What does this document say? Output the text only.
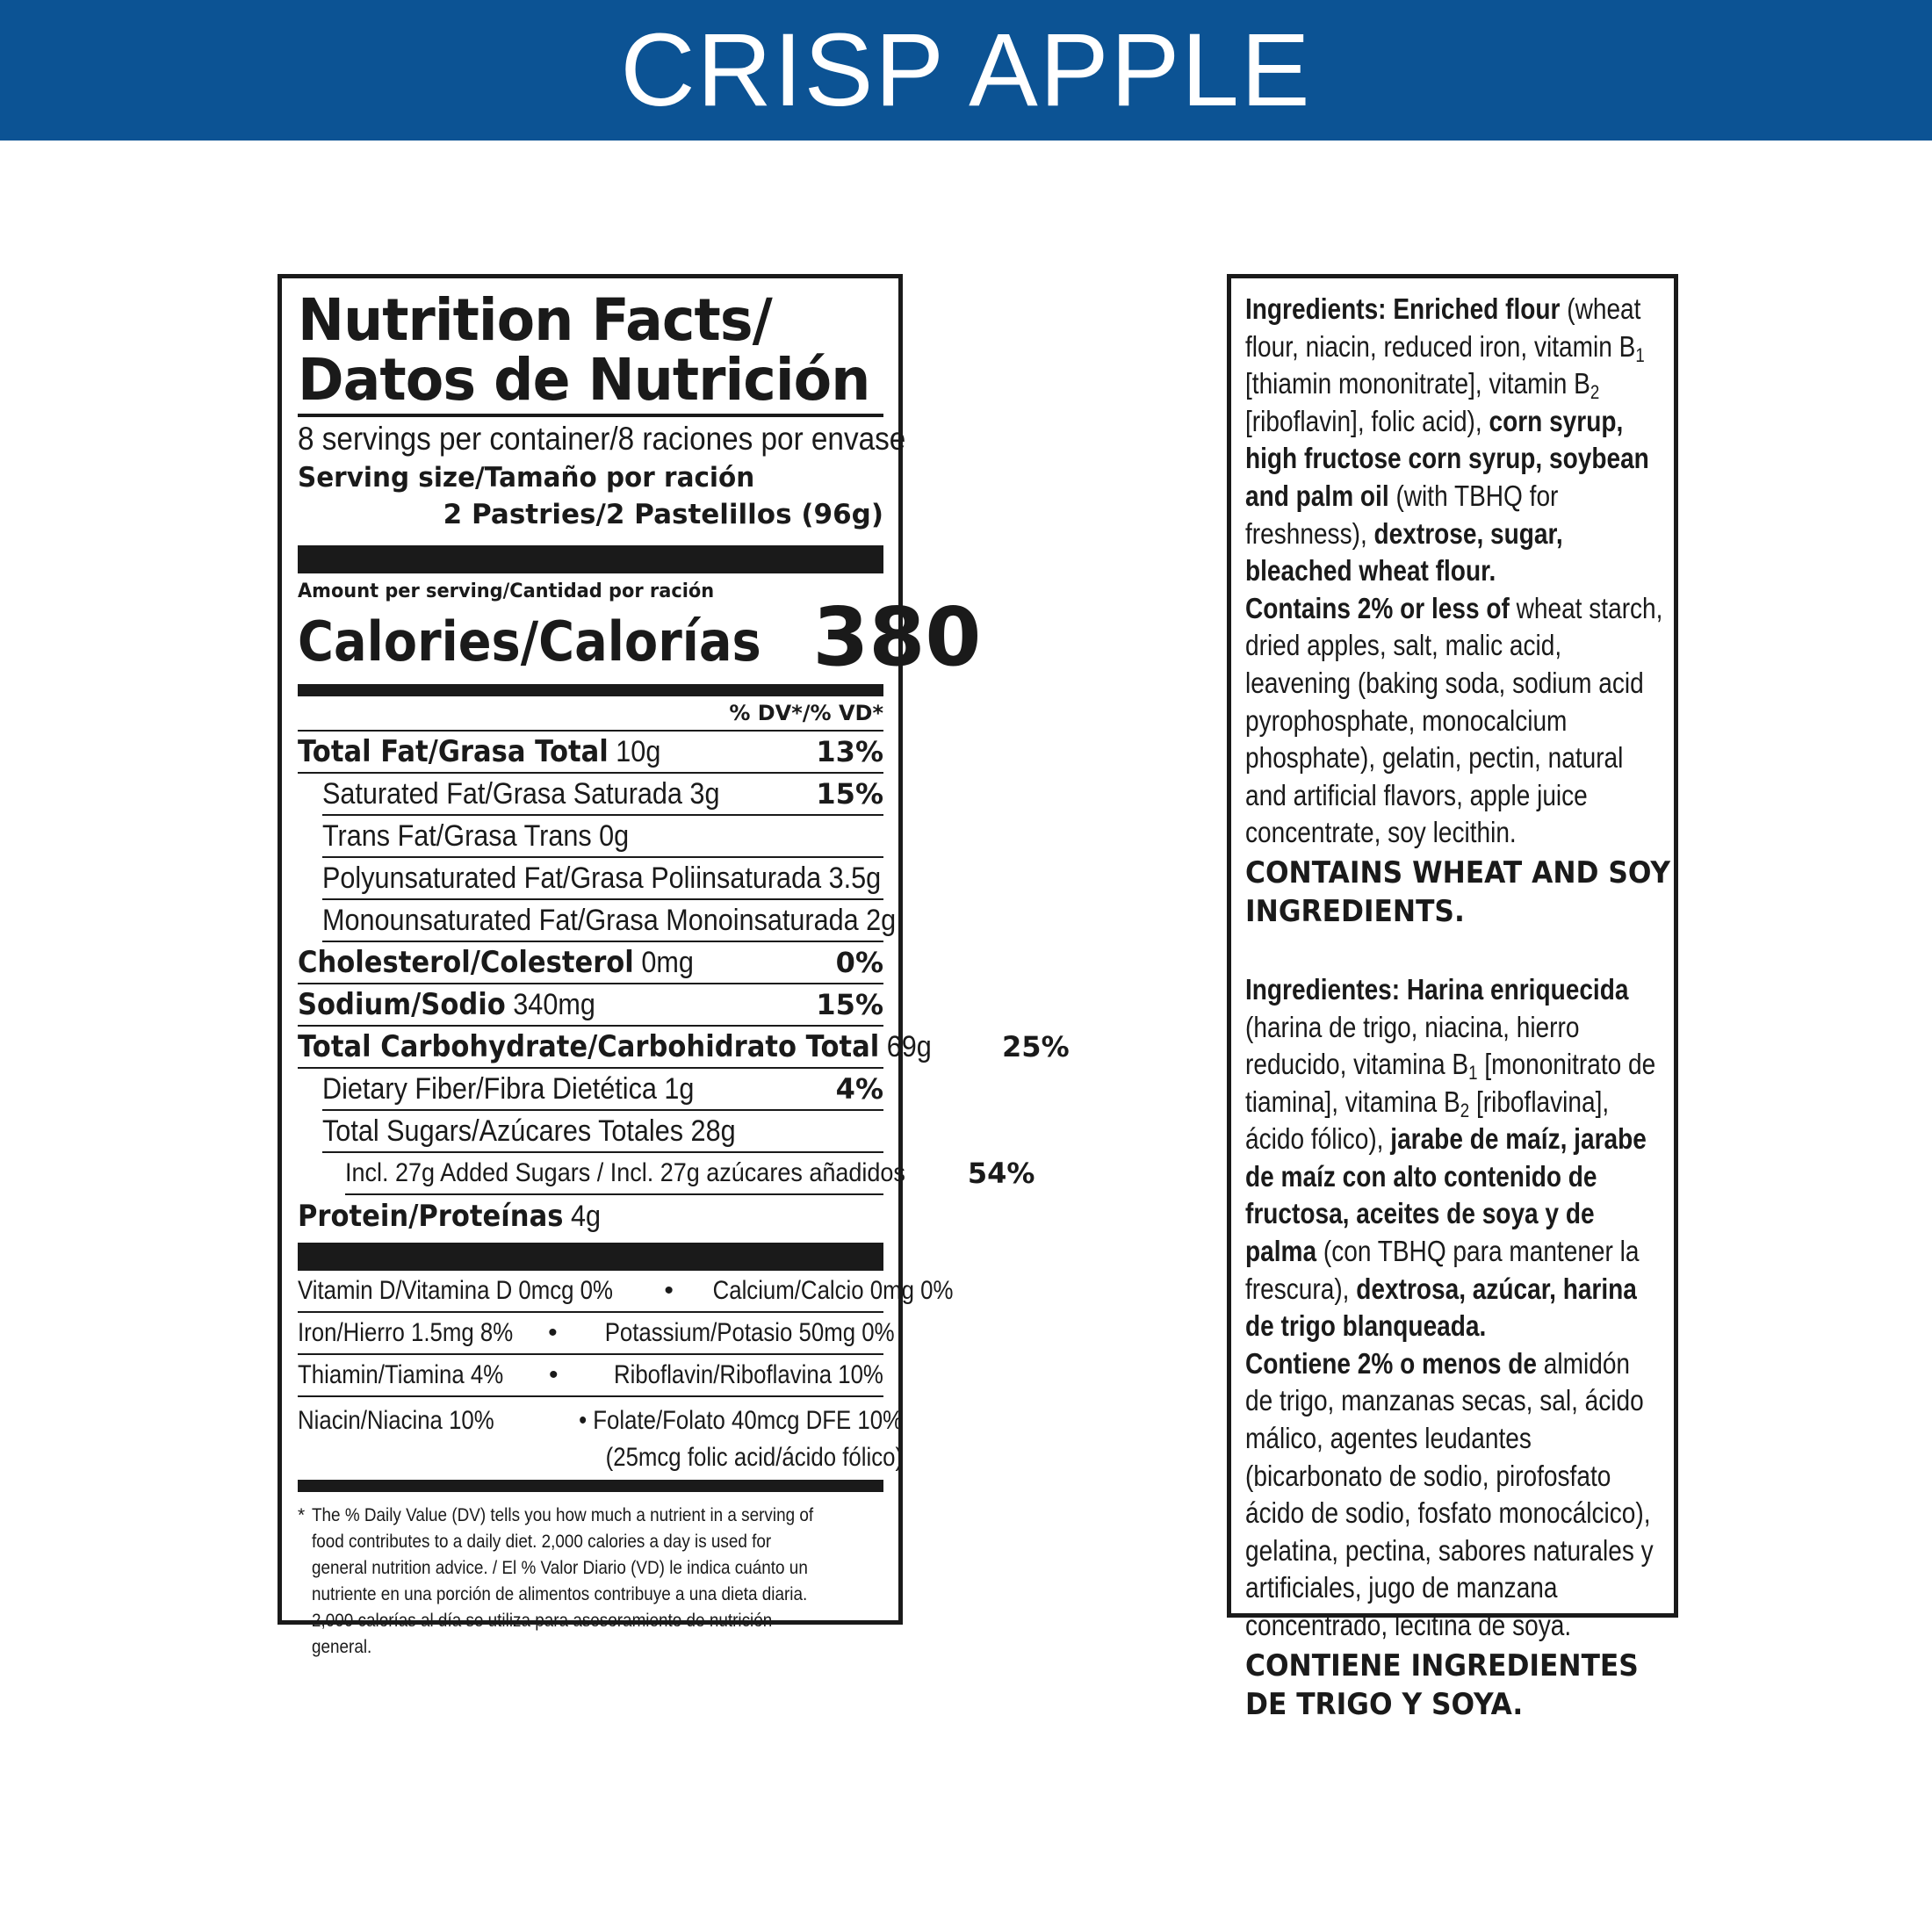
CRISP APPLE
Nutrition Facts/
Datos de Nutrición
8 servings per container/8 raciones por envase
Serving size/Tamaño por ración
2 Pastries/2 Pastelillos (96g)
Amount per serving/Cantidad por ración
Calories/Calorías 380
% DV*/% VD*
Total Fat/Grasa Total 10g	13%
Saturated Fat/Grasa Saturada 3g	15%
Trans Fat/Grasa Trans 0g
Polyunsaturated Fat/Grasa Poliinsaturada 3.5g
Monounsaturated Fat/Grasa Monoinsaturada 2g
Cholesterol/Colesterol 0mg	0%
Sodium/Sodio 340mg	15%
Total Carbohydrate/Carbohidrato Total 69g	25%
Dietary Fiber/Fibra Dietética 1g	4%
Total Sugars/Azúcares Totales 28g
Incl. 27g Added Sugars / Incl. 27g azúcares añadidos 54%
Protein/Proteínas 4g
Vitamin D/Vitamina D 0mcg 0% • Calcium/Calcio 0mg 0%
Iron/Hierro 1.5mg 8% • Potassium/Potasio 50mg 0%
Thiamin/Tiamina 4% • Riboflavin/Riboflavina 10%
Niacin/Niacina 10%	• Folate/Folato 40mcg DFE 10%
(25mcg folic acid/ácido fólico)
* The % Daily Value (DV) tells you how much a nutrient in a serving of food contributes to a daily diet. 2,000 calories a day is used for general nutrition advice. / El % Valor Diario (VD) le indica cuánto un nutriente en una porción de alimentos contribuye a una dieta diaria. 2,000 calorías al día se utiliza para asesoramiento de nutrición general.

Ingredients: Enriched flour (wheat flour, niacin, reduced iron, vitamin $B_1$ [thiamin mononitrate], vitamin $B_2$ [riboflavin], folic acid), corn syrup, high fructose corn syrup, soybean and palm oil (with TBHQ for freshness), dextrose, sugar, bleached wheat flour.

Contains 2% or less of wheat starch, dried apples, salt, malic acid, leavening (baking soda, sodium acid pyrophosphate, monocalcium phosphate), gelatin, pectin, natural and artificial flavors, apple juice concentrate, soy lecithin.

CONTAINS WHEAT AND SOY INGREDIENTS.

Ingredientes: Harina enriquecida (harina de trigo, niacina, hierro reducido, vitamina $B_1$ [mononitrato de tiamina], vitamina $B_2$ [riboflavina], ácido fólico), jarabe de maíz, jarabe de maíz con alto contenido de fructosa, aceites de soya y de palma (con TBHQ para mantener la frescura), dextrosa, azúcar, harina de trigo blanqueada.

Contiene 2% o menos de almidón de trigo, manzanas secas, sal, ácido málico, agentes leudantes (bicarbonato de sodio, pirofosfato ácido de sodio, fosfato monocálcico), gelatina, pectina, sabores naturales y artificiales, jugo de manzana concentrado, lecitina de soya.

CONTIENE INGREDIENTES DE TRIGO Y SOYA.
